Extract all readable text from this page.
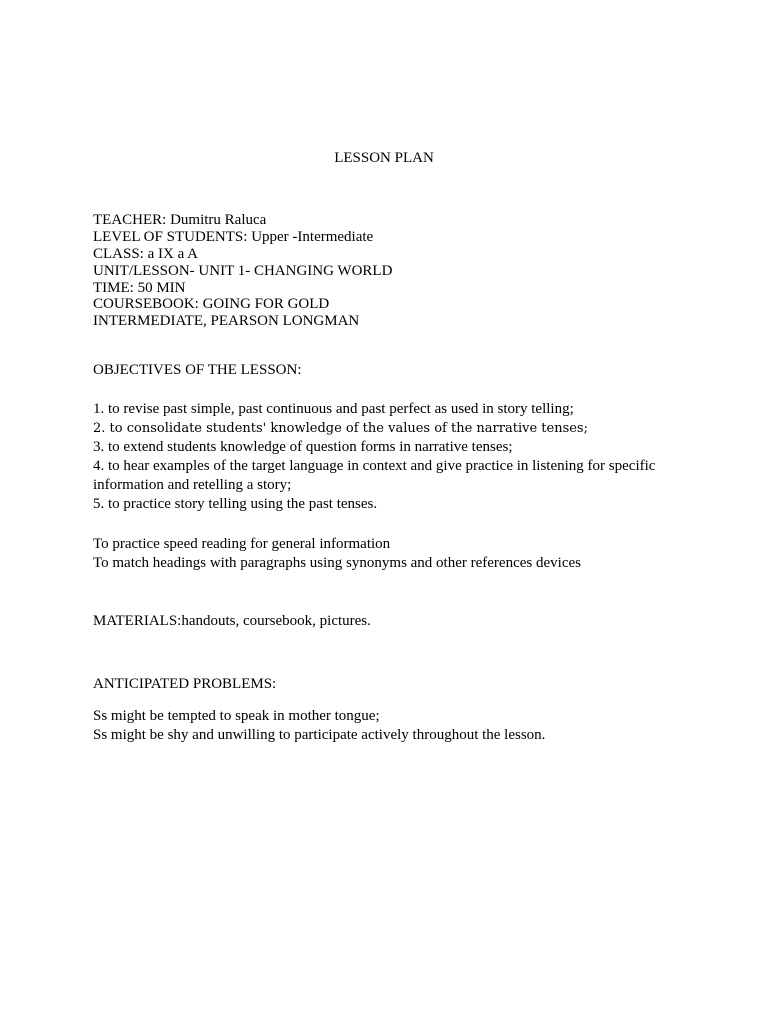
LESSON PLAN
TEACHER: Dumitru Raluca
LEVEL OF STUDENTS: Upper -Intermediate
CLASS: a IX a A
UNIT/LESSON- UNIT 1- CHANGING WORLD
TIME: 50 MIN
COURSEBOOK: GOING FOR GOLD
INTERMEDIATE, PEARSON LONGMAN
OBJECTIVES OF THE LESSON:
1. to revise past simple, past continuous and past perfect as used in story telling;
2. to consolidate students' knowledge of the values of the narrative tenses;
3. to extend students knowledge of question forms in narrative tenses;
4. to hear examples of the target language in context and give practice in listening for specific
information and retelling a story;
5. to practice story telling using the past tenses.
To practice speed reading for general information
To match headings with paragraphs using synonyms and other references devices
MATERIALS:handouts, coursebook, pictures.
ANTICIPATED PROBLEMS:
Ss might be tempted to speak in mother tongue;
Ss might be shy and unwilling to participate actively throughout the lesson.
